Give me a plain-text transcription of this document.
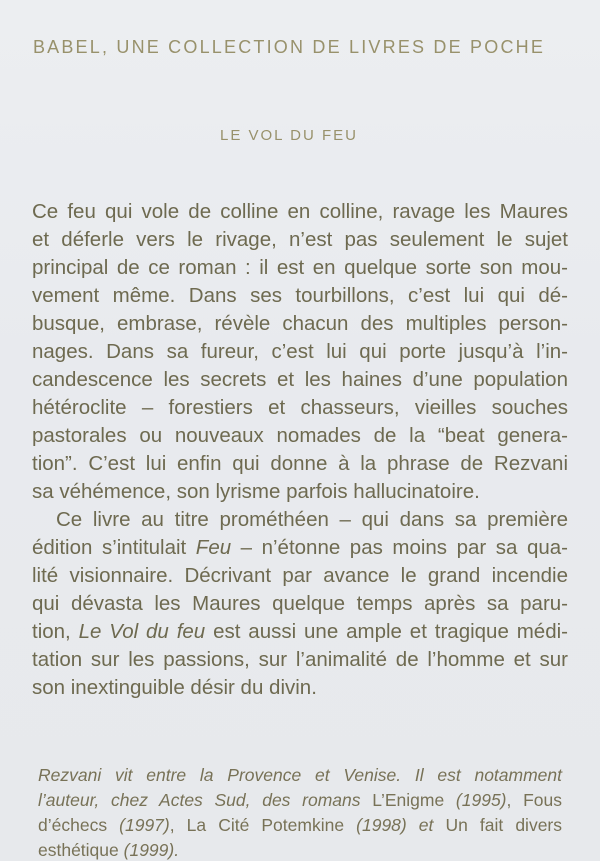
BABEL, UNE COLLECTION DE LIVRES DE POCHE
LE VOL DU FEU
Ce feu qui vole de colline en colline, ravage les Maures
et déferle vers le rivage, n’est pas seulement le sujet
principal de ce roman : il est en quelque sorte son mou-
vement même. Dans ses tourbillons, c’est lui qui dé-
busque, embrase, révèle chacun des multiples person-
nages. Dans sa fureur, c’est lui qui porte jusqu’à l’in-
candescence les secrets et les haines d’une population
hétéroclite – forestiers et chasseurs, vieilles souches
pastorales ou nouveaux nomades de la “beat genera-
tion”. C’est lui enfin qui donne à la phrase de Rezvani
sa véhémence, son lyrisme parfois hallucinatoire.
Ce livre au titre prométhéen – qui dans sa première
édition s’intitulait Feu – n’étonne pas moins par sa qua-
lité visionnaire. Décrivant par avance le grand incendie
qui dévasta les Maures quelque temps après sa paru-
tion, Le Vol du feu est aussi une ample et tragique médi-
tation sur les passions, sur l’animalité de l’homme et sur
son inextinguible désir du divin.
Rezvani vit entre la Provence et Venise. Il est notamment
l’auteur, chez Actes Sud, des romans L’Enigme (1995), Fous
d’échecs (1997), La Cité Potemkine (1998) et Un fait divers
esthétique (1999).
